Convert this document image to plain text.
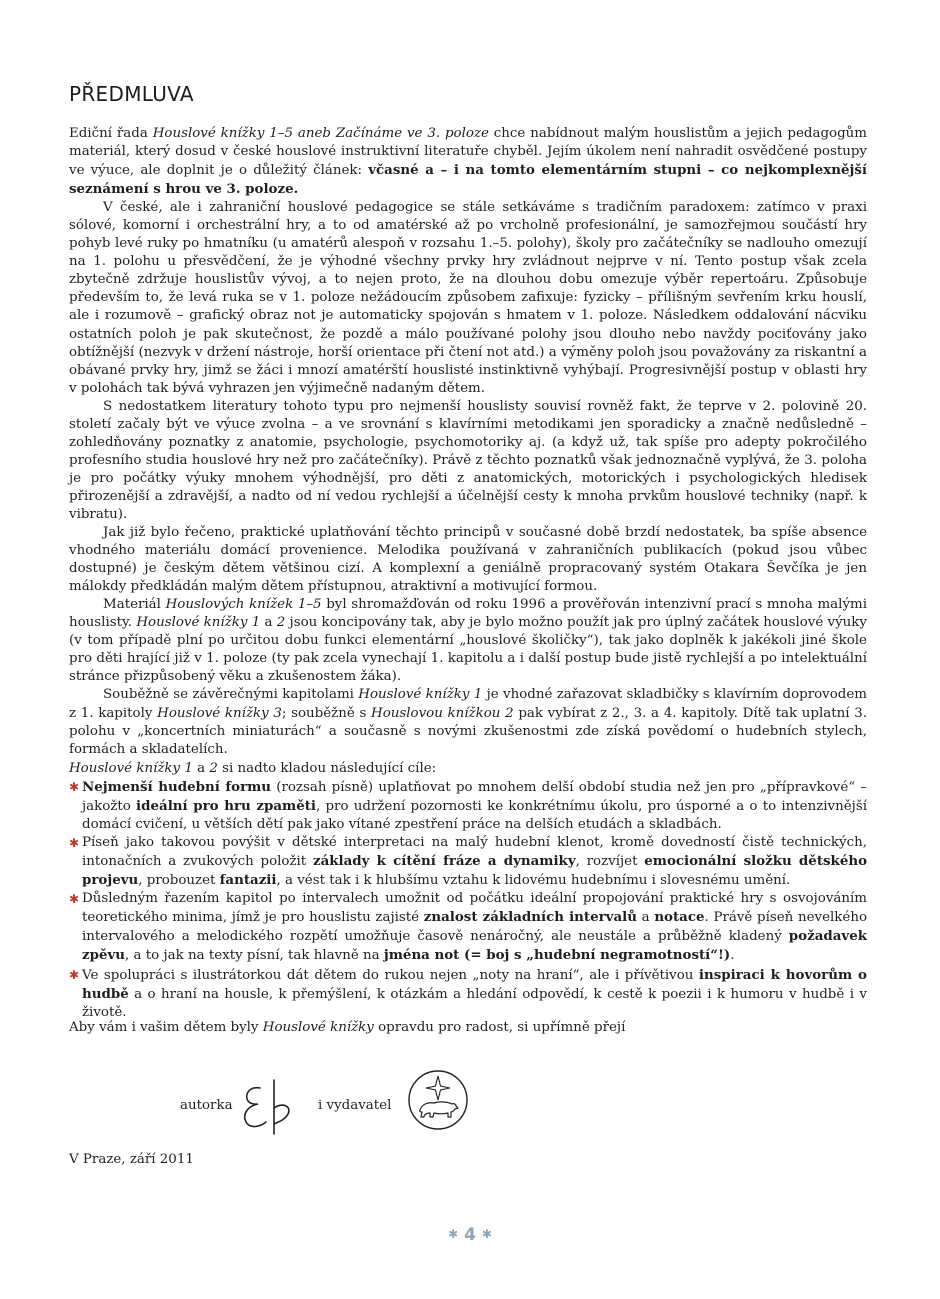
PŘEDMLUVA

Ediční řada Houslové knížky 1–5 aneb Začínáme ve 3. poloze chce nabídnout malým houslistům a jejich pedagogům materiál, který dosud v české houslové instruktivní literatuře chyběl. Jejím úkolem není nahradit osvědčené postupy ve výuce, ale doplnit je o důležitý článek: včasné a – i na tomto elementárním stupni – co nejkomplexnější seznámení s hrou ve 3. poloze.

V české, ale i zahraniční houslové pedagogice se stále setkáváme s tradičním paradoxem: zatímco v praxi sólové, komorní i orchestrální hry, a to od amatérské až po vrcholně profesionální, je samozřejmou součástí hry pohyb levé ruky po hmatníku (u amatérů alespoň v rozsahu 1.–5. polohy), školy pro začátečníky se nadlouho omezují na 1. polohu u přesvědčení, že je výhodné všechny prvky hry zvládnout nejprve v ní. Tento postup však zcela zbytečně zdržuje houslistův vývoj, a to nejen proto, že na dlouhou dobu omezuje výběr repertoáru. Způsobuje především to, že levá ruka se v 1. poloze nežádoucím způsobem zafixuje: fyzicky – přílišným sevřením krku houslí, ale i rozumově – grafický obraz not je automaticky spojován s hmatem v 1. poloze. Následkem oddalování nácviku ostatních poloh je pak skutečnost, že pozdě a málo používané polohy jsou dlouho nebo navždy pociťovány jako obtížnější (nezvyk v držení nástroje, horší orientace při čtení not atd.) a výměny poloh jsou považovány za riskantní a obávané prvky hry, jimž se žáci i mnozí amatérští houslisté instinktivně vyhýbají. Progresivnější postup v oblasti hry v polohách tak bývá vyhrazen jen výjimečně nadaným dětem.

S nedostatkem literatury tohoto typu pro nejmenší houslisty souvisí rovněž fakt, že teprve v 2. polovině 20. století začaly být ve výuce zvolna – a ve srovnání s klavírními metodikami jen sporadicky a značně nedůsledně – zohledňovány poznatky z anatomie, psychologie, psychomotoriky aj. (a když už, tak spíše pro adepty pokročilého profesního studia houslové hry než pro začátečníky). Právě z těchto poznatků však jednoznačně vyplývá, že 3. poloha je pro počátky výuky mnohem výhodnější, pro děti z anatomických, motorických i psychologických hledisek přirozenější a zdravější, a nadto od ní vedou rychlejší a účelnější cesty k mnoha prvkům houslové techniky (např. k vibratu).

Jak již bylo řečeno, praktické uplatňování těchto principů v současné době brzdí nedostatek, ba spíše absence vhodného materiálu domácí provenience. Melodika používaná v zahraničních publikacích (pokud jsou vůbec dostupné) je českým dětem většinou cizí. A komplexní a geniálně propracovaný systém Otakara Ševčíka je jen málokdy předkládán malým dětem přístupnou, atraktivní a motivující formou.

Materiál Houslových knížek 1–5 byl shromažďován od roku 1996 a prověřován intenzivní prací s mnoha malými houslisty. Houslové knížky 1 a 2 jsou koncipovány tak, aby je bylo možno použít jak pro úplný začátek houslové výuky (v tom případě plní po určitou dobu funkci elementární „houslové školičky“), tak jako doplněk k jakékoli jiné škole pro děti hrající již v 1. poloze (ty pak zcela vynechají 1. kapitolu a i další postup bude jistě rychlejší a po intelektuální stránce přizpůsobený věku a zkušenostem žáka).

Souběžně se závěrečnými kapitolami Houslové knížky 1 je vhodné zařazovat skladbičky s klavírním doprovodem z 1. kapitoly Houslové knížky 3; souběžně s Houslovou knížkou 2 pak vybírat z 2., 3. a 4. kapitoly. Dítě tak uplatní 3. polohu v „koncertních miniaturách“ a současně s novými zkušenostmi zde získá povědomí o hudebních stylech, formách a skladatelích.

Houslové knížky 1 a 2 si nadto kladou následující cíle:

✱ Nejmenší hudební formu (rozsah písně) uplatňovat po mnohem delší období studia než jen pro „přípravkové“ – jakožto ideální pro hru zpaměti, pro udržení pozornosti ke konkrétnímu úkolu, pro úsporné a o to intenzivnější domácí cvičení, u větších dětí pak jako vítané zpestření práce na delších etudách a skladbách.
✱ Píseň jako takovou povýšit v dětské interpretaci na malý hudební klenot, kromě dovedností čistě technických, intonačních a zvukových položit základy k cítění fráze a dynamiky, rozvíjet emocionální složku dětského projevu, probouzet fantazii, a vést tak i k hlubšímu vztahu k lidovému hudebnímu i slovesnému umění.
✱ Důsledným řazením kapitol po intervalech umožnit od počátku ideální propojování praktické hry s osvojováním teoretického minima, jímž je pro houslistu zajisté znalost základních intervalů a notace. Právě píseň nevelkého intervalového a melodického rozpětí umožňuje časově nenáročný, ale neustále a průběžně kladený požadavek zpěvu, a to jak na texty písní, tak hlavně na jména not (= boj s „hudební negramotností“!).
✱ Ve spolupráci s ilustrátorkou dát dětem do rukou nejen „noty na hraní“, ale i přívětivou inspiraci k hovorům o hudbě a o hraní na housle, k přemýšlení, k otázkám a hledání odpovědí, k cestě k poezii i k humoru v hudbě i v životě.

Aby vám i vašim dětem byly Houslové knížky opravdu pro radost, si upřímně přejí

autorka	i vydavatel
V Praze, září 2011
✱ 4 ✱
